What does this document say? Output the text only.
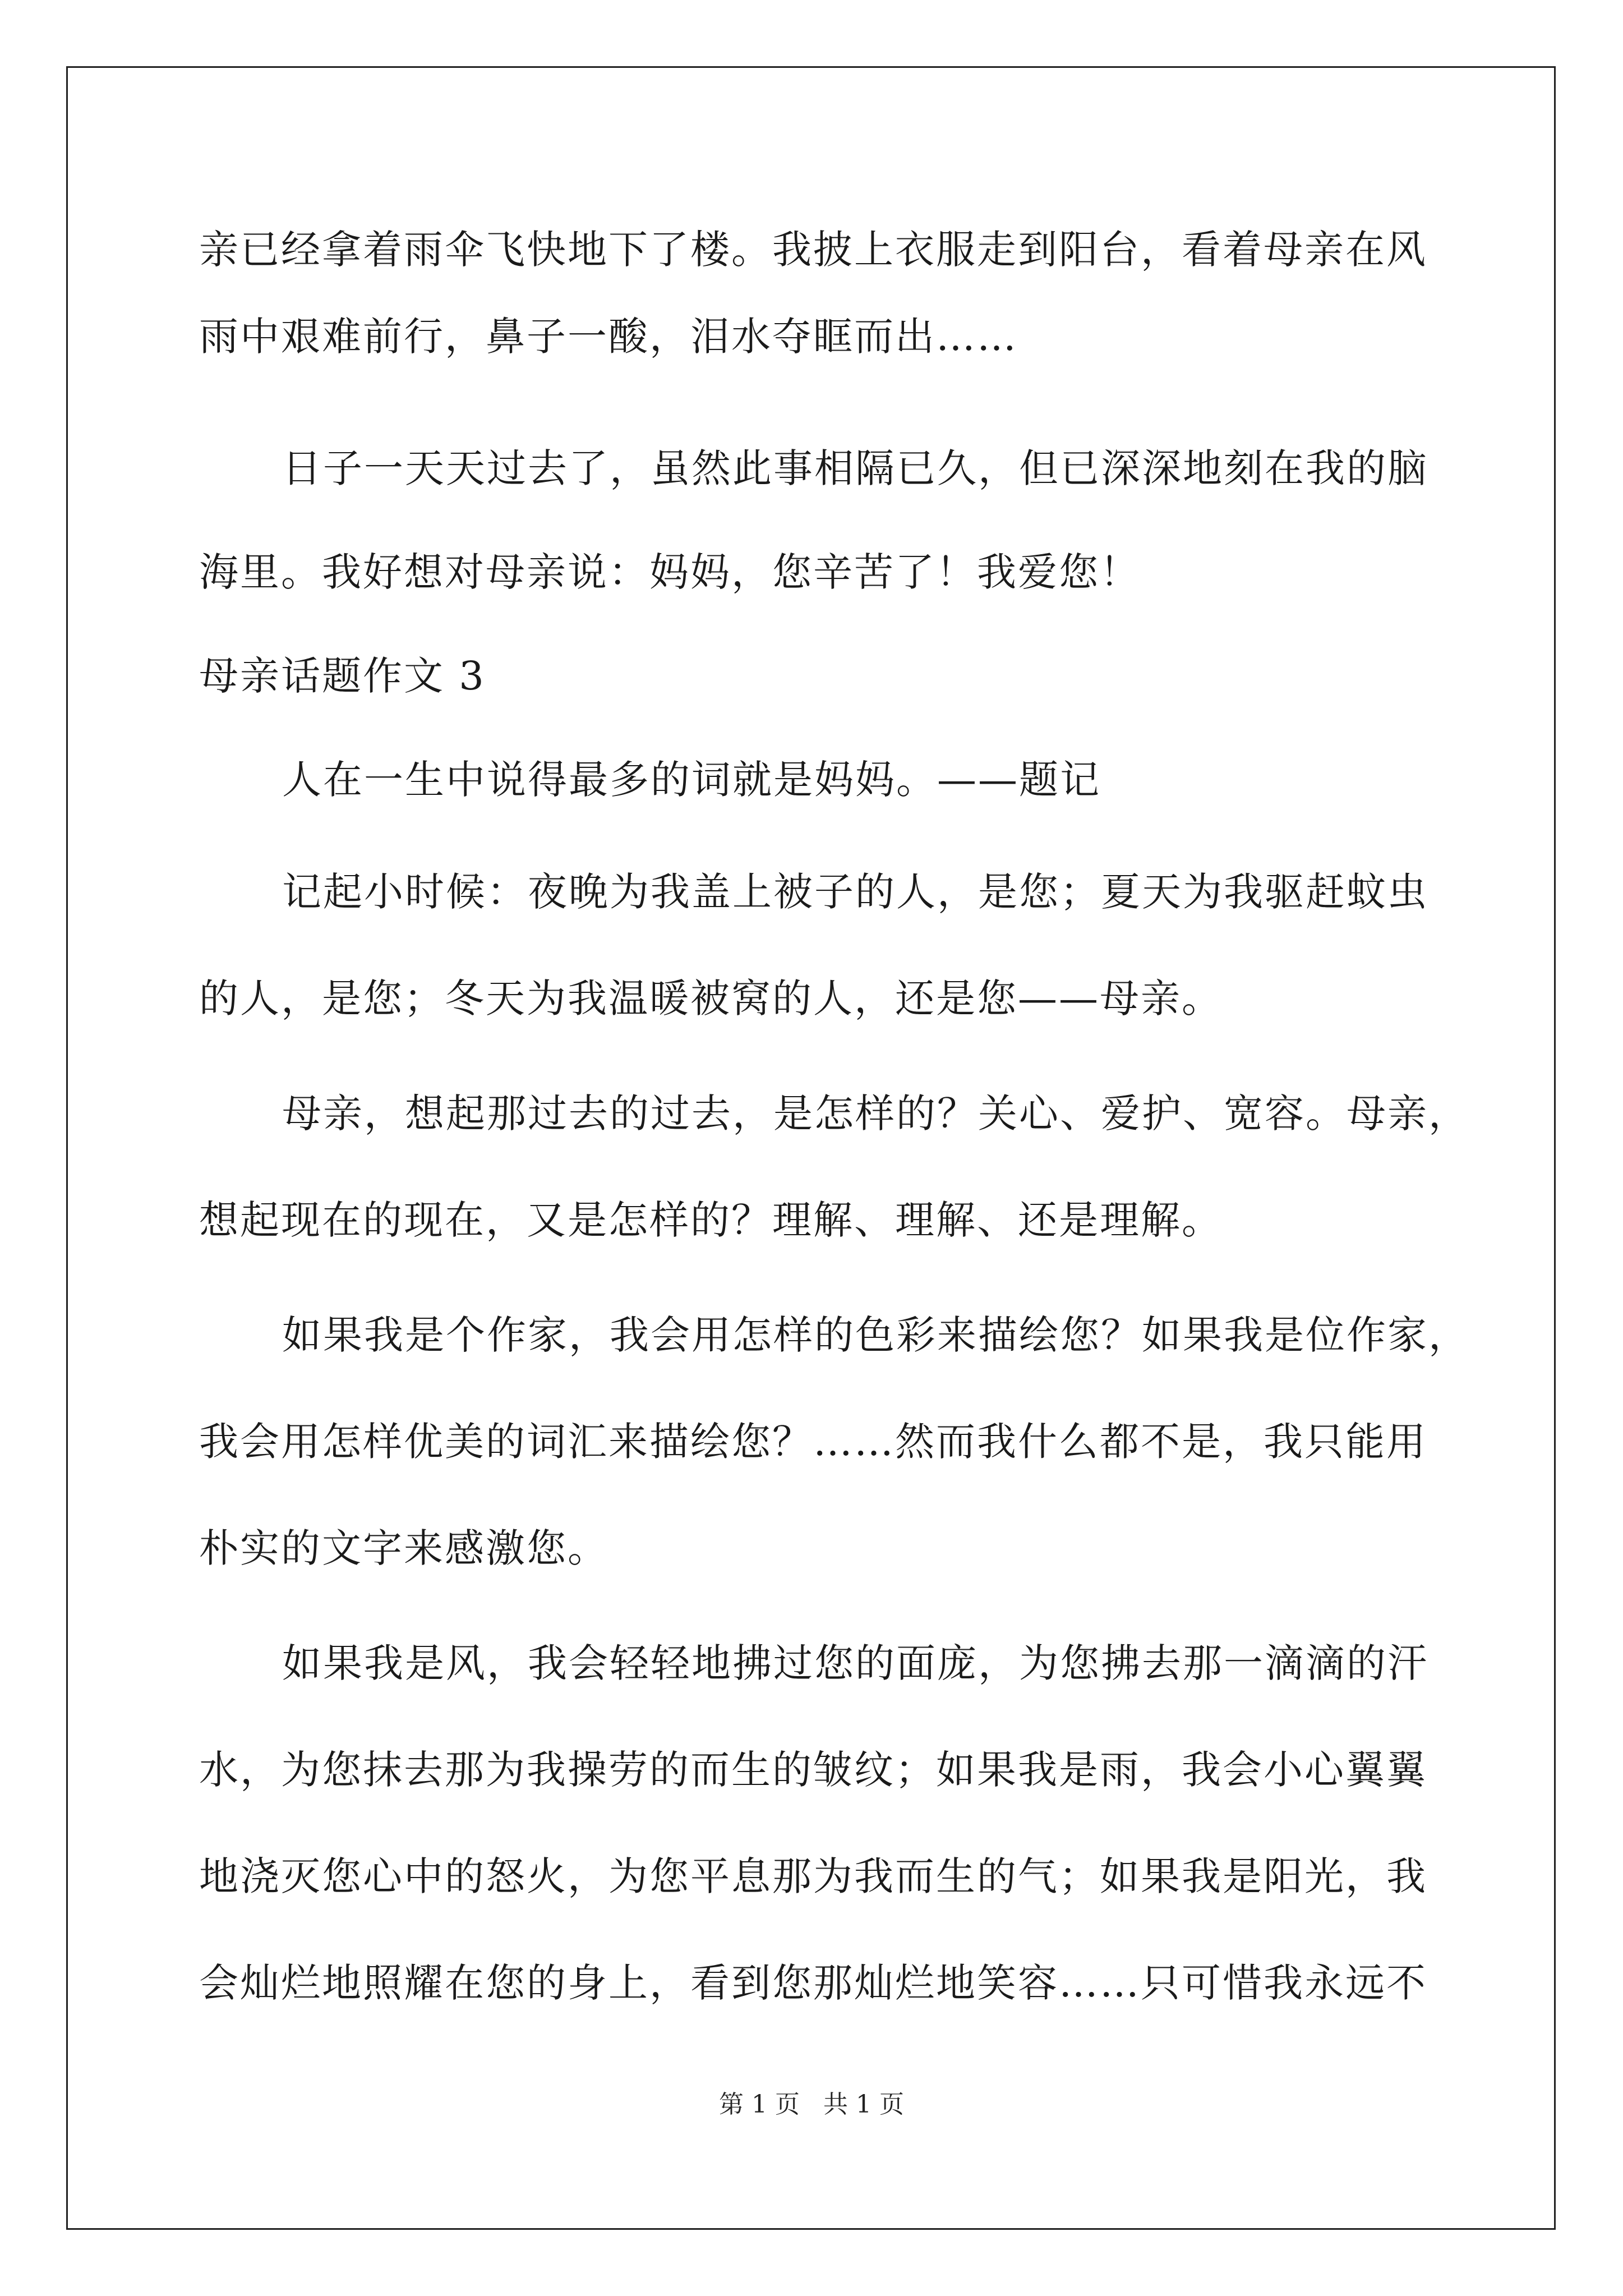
亲已经拿着雨伞飞快地下了楼。我披上衣服走到阳台，看着母亲在风
雨中艰难前行，鼻子一酸，泪水夺眶而出……
日子一天天过去了，虽然此事相隔已久，但已深深地刻在我的脑
海里。我好想对母亲说：妈妈，您辛苦了！我爱您！
母亲话题作文 3
人在一生中说得最多的词就是妈妈。——题记
记起小时候：夜晚为我盖上被子的人，是您；夏天为我驱赶蚊虫
的人，是您；冬天为我温暖被窝的人，还是您——母亲。
母亲，想起那过去的过去，是怎样的？关心、爱护、宽容。母亲，
想起现在的现在，又是怎样的？理解、理解、还是理解。
如果我是个作家，我会用怎样的色彩来描绘您？如果我是位作家，
我会用怎样优美的词汇来描绘您？……然而我什么都不是，我只能用
朴实的文字来感激您。
如果我是风，我会轻轻地拂过您的面庞，为您拂去那一滴滴的汗
水，为您抹去那为我操劳的而生的皱纹；如果我是雨，我会小心翼翼
地浇灭您心中的怒火，为您平息那为我而生的气；如果我是阳光，我
会灿烂地照耀在您的身上，看到您那灿烂地笑容……只可惜我永远不
第 1 页 共 1 页
